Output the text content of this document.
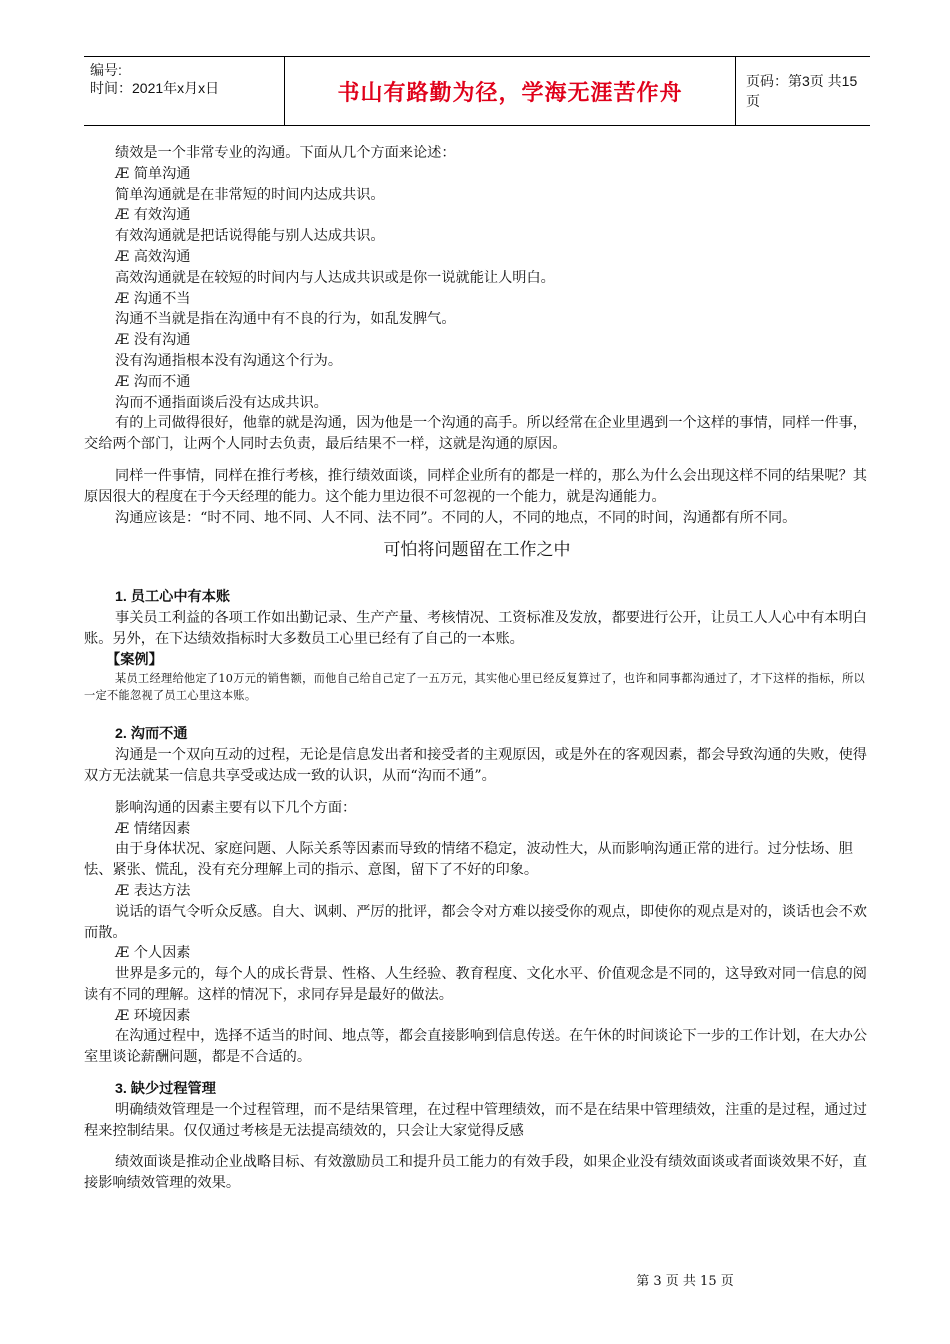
编号:
时间：2021年x月x日	书山有路勤为径，学海无涯苦作舟	页码：第3页 共15页

绩效是一个非常专业的沟通。下面从几个方面来论述：

Æ 简单沟通

简单沟通就是在非常短的时间内达成共识。

Æ 有效沟通

有效沟通就是把话说得能与别人达成共识。

Æ 高效沟通

高效沟通就是在较短的时间内与人达成共识或是你一说就能让人明白。

Æ 沟通不当

沟通不当就是指在沟通中有不良的行为，如乱发脾气。

Æ 没有沟通

没有沟通指根本没有沟通这个行为。

Æ 沟而不通

沟而不通指面谈后没有达成共识。

有的上司做得很好，他靠的就是沟通，因为他是一个沟通的高手。所以经常在企业里遇到一个这样的事情，同样一件事，交给两个部门，让两个人同时去负责，最后结果不一样，这就是沟通的原因。

同样一件事情，同样在推行考核，推行绩效面谈，同样企业所有的都是一样的，那么为什么会出现这样不同的结果呢？其原因很大的程度在于今天经理的能力。这个能力里边很不可忽视的一个能力，就是沟通能力。

沟通应该是：“时不同、地不同、人不同、法不同”。不同的人，不同的地点，不同的时间，沟通都有所不同。

可怕将问题留在工作之中

1. 员工心中有本账

事关员工利益的各项工作如出勤记录、生产产量、考核情况、工资标准及发放，都要进行公开，让员工人人心中有本明白账。另外，在下达绩效指标时大多数员工心里已经有了自己的一本账。

【案例】

某员工经理给他定了10万元的销售额，而他自己给自己定了一五万元，其实他心里已经反复算过了，也许和同事都沟通过了，才下这样的指标，所以一定不能忽视了员工心里这本账。

2. 沟而不通

沟通是一个双向互动的过程，无论是信息发出者和接受者的主观原因，或是外在的客观因素，都会导致沟通的失败，使得双方无法就某一信息共享受或达成一致的认识，从而“沟而不通”。

影响沟通的因素主要有以下几个方面：

Æ 情绪因素

由于身体状况、家庭问题、人际关系等因素而导致的情绪不稳定，波动性大，从而影响沟通正常的进行。过分怯场、胆怯、紧张、慌乱，没有充分理解上司的指示、意图，留下了不好的印象。

Æ 表达方法

说话的语气令听众反感。自大、讽刺、严厉的批评，都会令对方难以接受你的观点，即使你的观点是对的，谈话也会不欢而散。

Æ 个人因素

世界是多元的，每个人的成长背景、性格、人生经验、教育程度、文化水平、价值观念是不同的，这导致对同一信息的阅读有不同的理解。这样的情况下，求同存异是最好的做法。

Æ 环境因素

在沟通过程中，选择不适当的时间、地点等，都会直接影响到信息传送。在午休的时间谈论下一步的工作计划，在大办公室里谈论薪酬问题，都是不合适的。

3. 缺少过程管理

明确绩效管理是一个过程管理，而不是结果管理，在过程中管理绩效，而不是在结果中管理绩效，注重的是过程，通过过程来控制结果。仅仅通过考核是无法提高绩效的，只会让大家觉得反感

绩效面谈是推动企业战略目标、有效激励员工和提升员工能力的有效手段，如果企业没有绩效面谈或者面谈效果不好，直接影响绩效管理的效果。

第 3 页 共 15 页
